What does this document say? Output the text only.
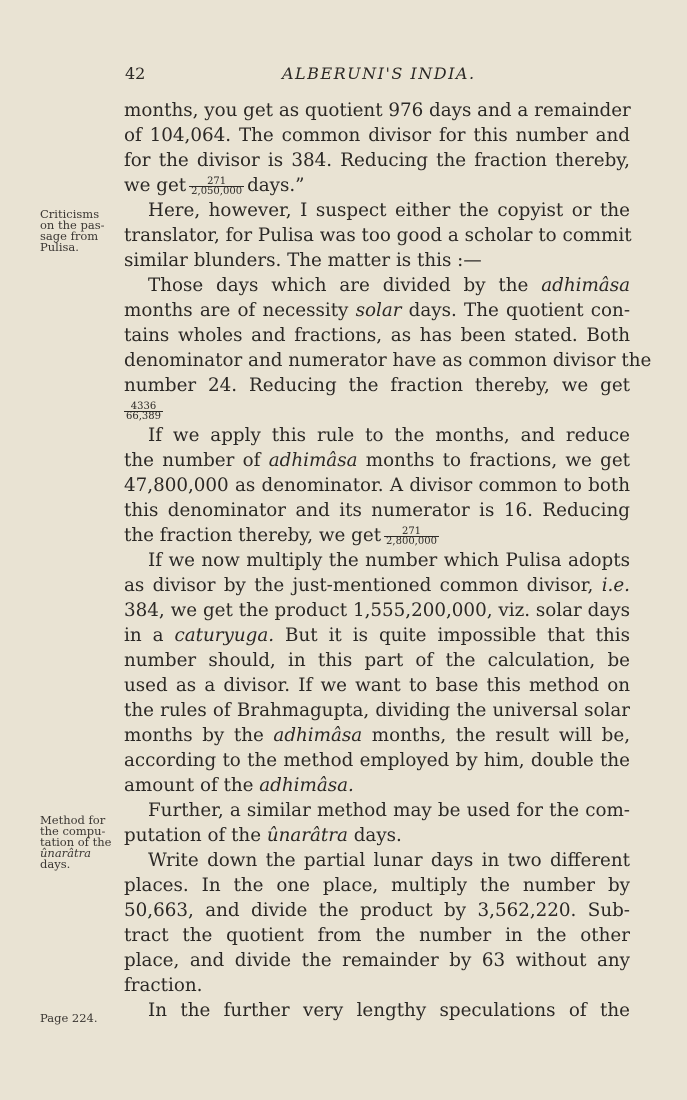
42	ALBERUNI'S INDIA.
Criticisms
on the pas-
sage from
Pulisa.
Method for
the compu-
tation of the
ûnarâtra
days.
Page 224.
months, you get as quotient 976 days and a remainder
of 104,064. The common divisor for this number and
for the divisor is 384. Reducing the fraction thereby,
we get $\frac{271}{2,050,000}$ days.”
Here, however, I suspect either the copyist or the
translator, for Pulisa was too good a scholar to commit
similar blunders. The matter is this :—
Those days which are divided by the adhimâsa
months are of necessity solar days. The quotient con-
tains wholes and fractions, as has been stated. Both
denominator and numerator have as common divisor the
number 24. Reducing the fraction thereby, we get
$\frac{4336}{66,389}$
If we apply this rule to the months, and reduce
the number of adhimâsa months to fractions, we get
47,800,000 as denominator. A divisor common to both
this denominator and its numerator is 16. Reducing
the fraction thereby, we get $\frac{271}{2,800,000}$
If we now multiply the number which Pulisa adopts
as divisor by the just-mentioned common divisor, i.e.
384, we get the product 1,555,200,000, viz. solar days
in a caturyuga. But it is quite impossible that this
number should, in this part of the calculation, be
used as a divisor. If we want to base this method on
the rules of Brahmagupta, dividing the universal solar
months by the adhimâsa months, the result will be,
according to the method employed by him, double the
amount of the adhimâsa.
Further, a similar method may be used for the com-
putation of the ûnarâtra days.
Write down the partial lunar days in two different
places. In the one place, multiply the number by
50,663, and divide the product by 3,562,220. Sub-
tract the quotient from the number in the other
place, and divide the remainder by 63 without any
fraction.
In the further very lengthy speculations of the
